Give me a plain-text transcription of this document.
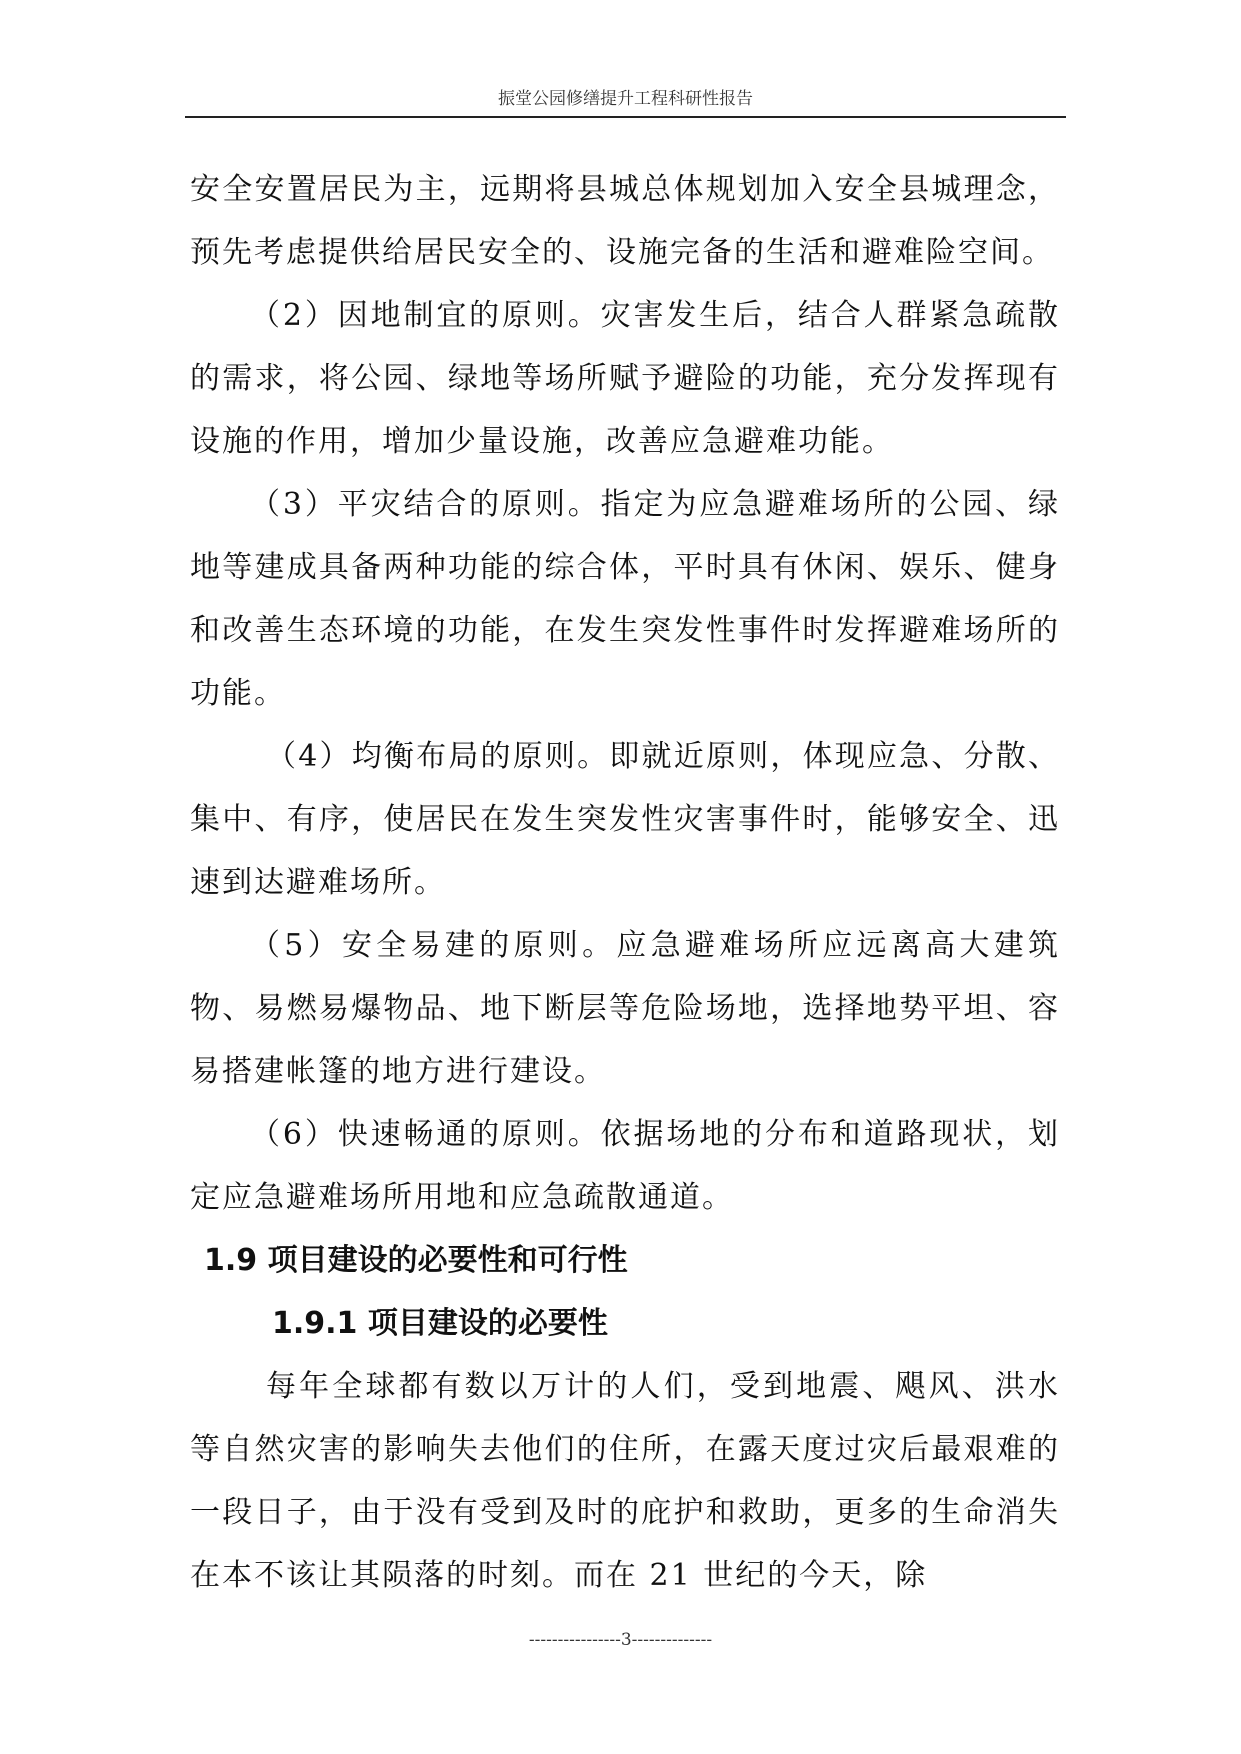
振堂公园修缮提升工程科研性报告

安全安置居民为主，远期将县城总体规划加入安全县城理念，预先考虑提供给居民安全的、设施完备的生活和避难险空间。

（2）因地制宜的原则。灾害发生后，结合人群紧急疏散的需求，将公园、绿地等场所赋予避险的功能，充分发挥现有设施的作用，增加少量设施，改善应急避难功能。

（3）平灾结合的原则。指定为应急避难场所的公园、绿地等建成具备两种功能的综合体，平时具有休闲、娱乐、健身和改善生态环境的功能，在发生突发性事件时发挥避难场所的功能。

（4）均衡布局的原则。即就近原则，体现应急、分散、集中、有序，使居民在发生突发性灾害事件时，能够安全、迅速到达避难场所。

（5）安全易建的原则。应急避难场所应远离高大建筑物、易燃易爆物品、地下断层等危险场地，选择地势平坦、容易搭建帐篷的地方进行建设。

（6）快速畅通的原则。依据场地的分布和道路现状，划定应急避难场所用地和应急疏散通道。

1.9 项目建设的必要性和可行性
1.9.1 项目建设的必要性

每年全球都有数以万计的人们，受到地震、飓风、洪水等自然灾害的影响失去他们的住所，在露天度过灾后最艰难的一段日子，由于没有受到及时的庇护和救助，更多的生命消失在本不该让其陨落的时刻。而在 21 世纪的今天，除

----------------3--------------
